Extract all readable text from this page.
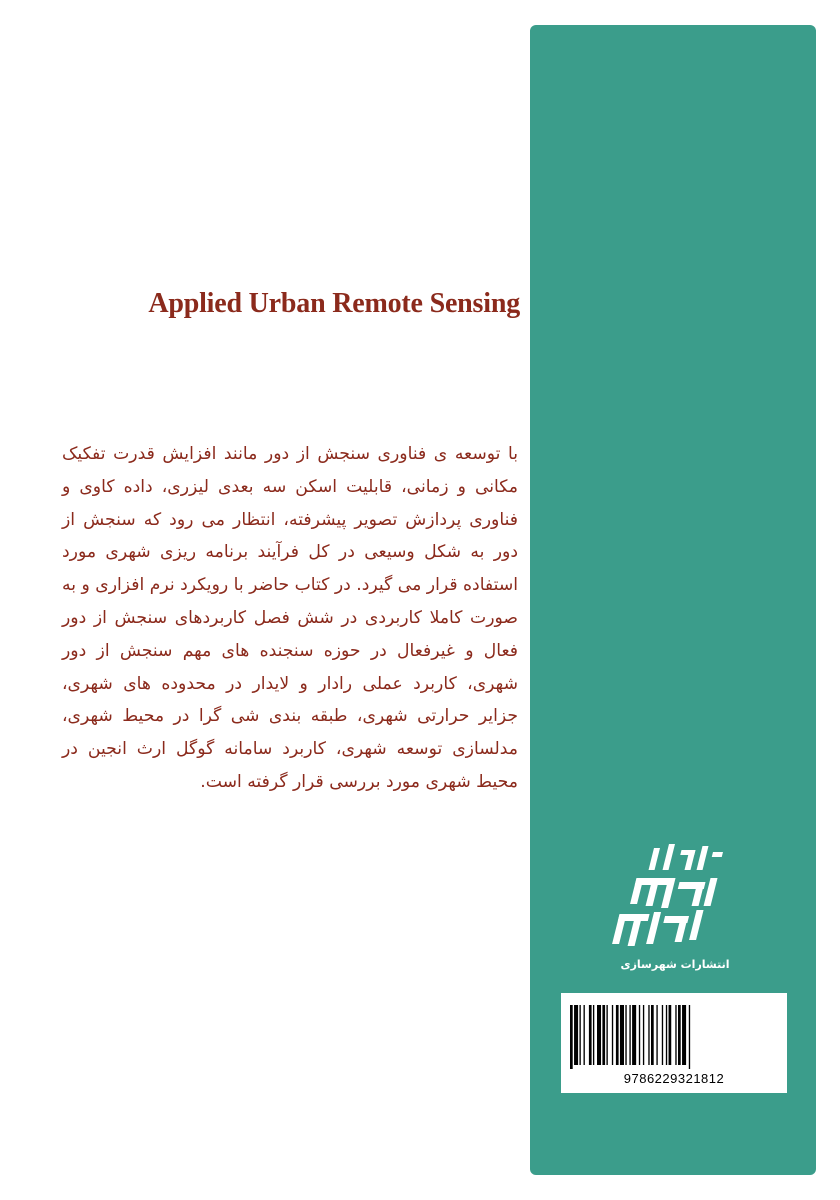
Applied Urban Remote Sensing
با توسعه ی فناوری سنجش از دور مانند افزایش قدرت تفکیک مکانی و زمانی، قابلیت اسکن سه بعدی لیزری، داده کاوی و فناوری پردازش تصویر پیشرفته، انتظار می رود که سنجش از دور به شکل وسیعی در کل فرآیند برنامه ریزی شهری مورد استفاده قرار می گیرد. در کتاب حاضر با رویکرد نرم افزاری و به صورت کاملا کاربردی در شش فصل کاربردهای سنجش از دور فعال و غیرفعال در حوزه سنجنده های مهم سنجش از دور شهری، کاربرد عملی رادار و لایدار در محدوده های شهری، جزایر حرارتی شهری، طبقه بندی شی گرا در محیط شهری، مدلسازی توسعه شهری، کاربرد سامانه گوگل ارث انجین در محیط شهری مورد بررسی قرار گرفته است.
انتشارات شهرسازی
9786229321812
